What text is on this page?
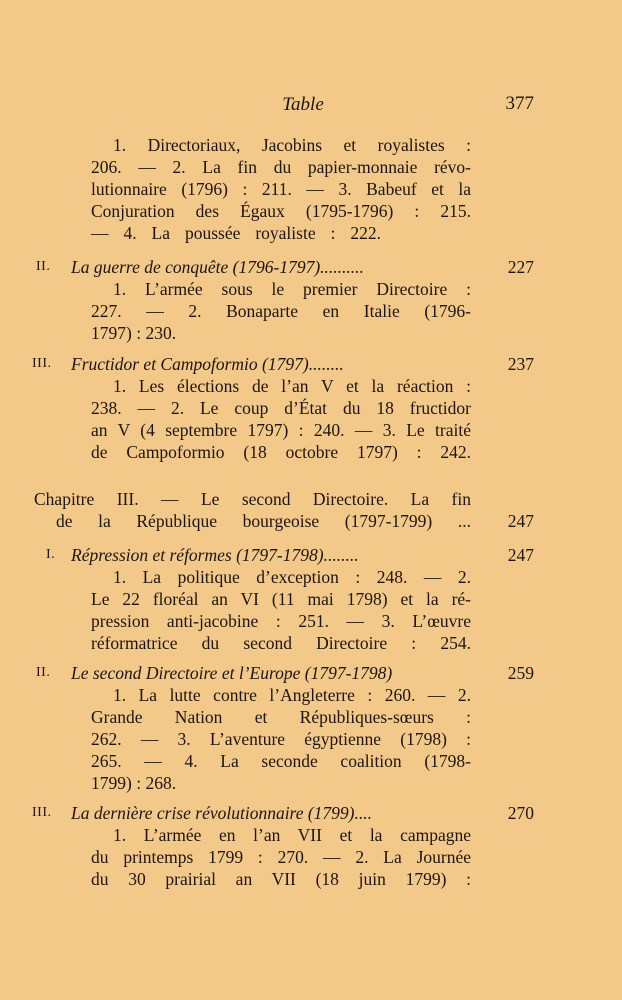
Table	377
1. Directoriaux, Jacobins et royalistes :
206. — 2. La fin du papier-monnaie révo-
lutionnaire (1796) : 211. — 3. Babeuf et la
Conjuration des Égaux (1795-1796) : 215.
— 4. La poussée royaliste : 222.
II. La guerre de conquête (1796-1797)..........	227
1. L’armée sous le premier Directoire :
227. — 2. Bonaparte en Italie (1796-
1797) : 230.
III. Fructidor et Campoformio (1797)........	237
1. Les élections de l’an V et la réaction :
238. — 2. Le coup d’État du 18 fructidor
an V (4 septembre 1797) : 240. — 3. Le traité
de Campoformio (18 octobre 1797) : 242.
Chapitre III. — Le second Directoire. La fin
de la République bourgeoise (1797-1799) ...	247
I. Répression et réformes (1797-1798)........	247
1. La politique d’exception : 248. — 2.
Le 22 floréal an VI (11 mai 1798) et la ré-
pression anti-jacobine : 251. — 3. L’œuvre
réformatrice du second Directoire : 254.
II. Le second Directoire et l’Europe (1797-1798)	259
1. La lutte contre l’Angleterre : 260. — 2.
Grande Nation et Républiques-sœurs :
262. — 3. L’aventure égyptienne (1798) :
265. — 4. La seconde coalition (1798-
1799) : 268.
III. La dernière crise révolutionnaire (1799)....	270
1. L’armée en l’an VII et la campagne
du printemps 1799 : 270. — 2. La Journée
du 30 prairial an VII (18 juin 1799) :
